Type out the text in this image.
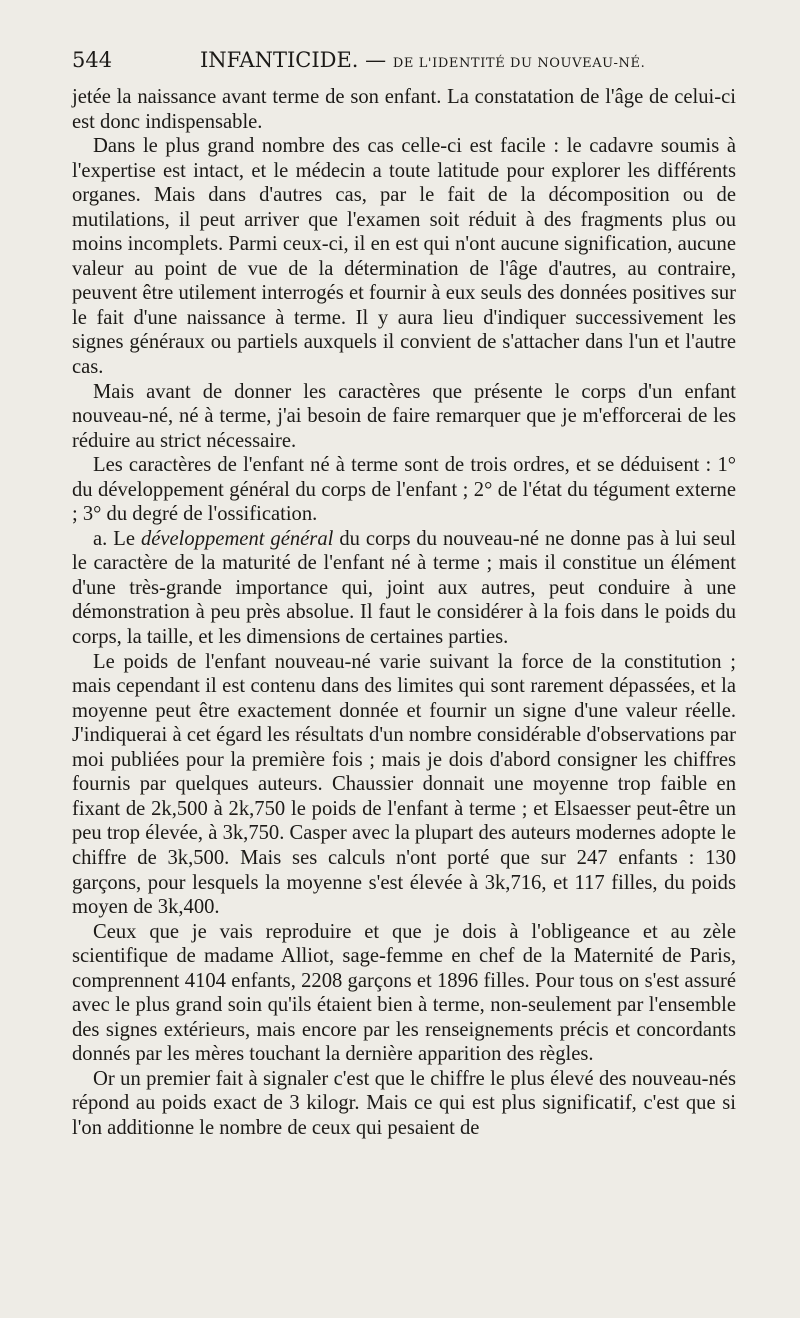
544	INFANTICIDE. — DE L'IDENTITÉ DU NOUVEAU-NÉ.

jetée la naissance avant terme de son enfant. La constatation de l'âge de celui-ci est donc indispensable.

Dans le plus grand nombre des cas celle-ci est facile : le cadavre soumis à l'expertise est intact, et le médecin a toute latitude pour explorer les différents organes. Mais dans d'autres cas, par le fait de la décomposition ou de mutilations, il peut arriver que l'examen soit réduit à des fragments plus ou moins incomplets. Parmi ceux-ci, il en est qui n'ont aucune signification, aucune valeur au point de vue de la détermination de l'âge d'autres, au contraire, peuvent être utilement interrogés et fournir à eux seuls des données positives sur le fait d'une naissance à terme. Il y aura lieu d'indiquer successivement les signes généraux ou partiels auxquels il convient de s'attacher dans l'un et l'autre cas.

Mais avant de donner les caractères que présente le corps d'un enfant nouveau-né, né à terme, j'ai besoin de faire remarquer que je m'efforcerai de les réduire au strict nécessaire.

Les caractères de l'enfant né à terme sont de trois ordres, et se déduisent : 1° du développement général du corps de l'enfant ; 2° de l'état du tégument externe ; 3° du degré de l'ossification.

a. Le développement général du corps du nouveau-né ne donne pas à lui seul le caractère de la maturité de l'enfant né à terme ; mais il constitue un élément d'une très-grande importance qui, joint aux autres, peut conduire à une démonstration à peu près absolue. Il faut le considérer à la fois dans le poids du corps, la taille, et les dimensions de certaines parties.

Le poids de l'enfant nouveau-né varie suivant la force de la constitution ; mais cependant il est contenu dans des limites qui sont rarement dépassées, et la moyenne peut être exactement donnée et fournir un signe d'une valeur réelle. J'indiquerai à cet égard les résultats d'un nombre considérable d'observations par moi publiées pour la première fois ; mais je dois d'abord consigner les chiffres fournis par quelques auteurs. Chaussier donnait une moyenne trop faible en fixant de 2k,500 à 2k,750 le poids de l'enfant à terme ; et Elsaesser peut-être un peu trop élevée, à 3k,750. Casper avec la plupart des auteurs modernes adopte le chiffre de 3k,500. Mais ses calculs n'ont porté que sur 247 enfants : 130 garçons, pour lesquels la moyenne s'est élevée à 3k,716, et 117 filles, du poids moyen de 3k,400.

Ceux que je vais reproduire et que je dois à l'obligeance et au zèle scientifique de madame Alliot, sage-femme en chef de la Maternité de Paris, comprennent 4104 enfants, 2208 garçons et 1896 filles. Pour tous on s'est assuré avec le plus grand soin qu'ils étaient bien à terme, non-seulement par l'ensemble des signes extérieurs, mais encore par les renseignements précis et concordants donnés par les mères touchant la dernière apparition des règles.

Or un premier fait à signaler c'est que le chiffre le plus élevé des nouveau-nés répond au poids exact de 3 kilogr. Mais ce qui est plus significatif, c'est que si l'on additionne le nombre de ceux qui pesaient de
